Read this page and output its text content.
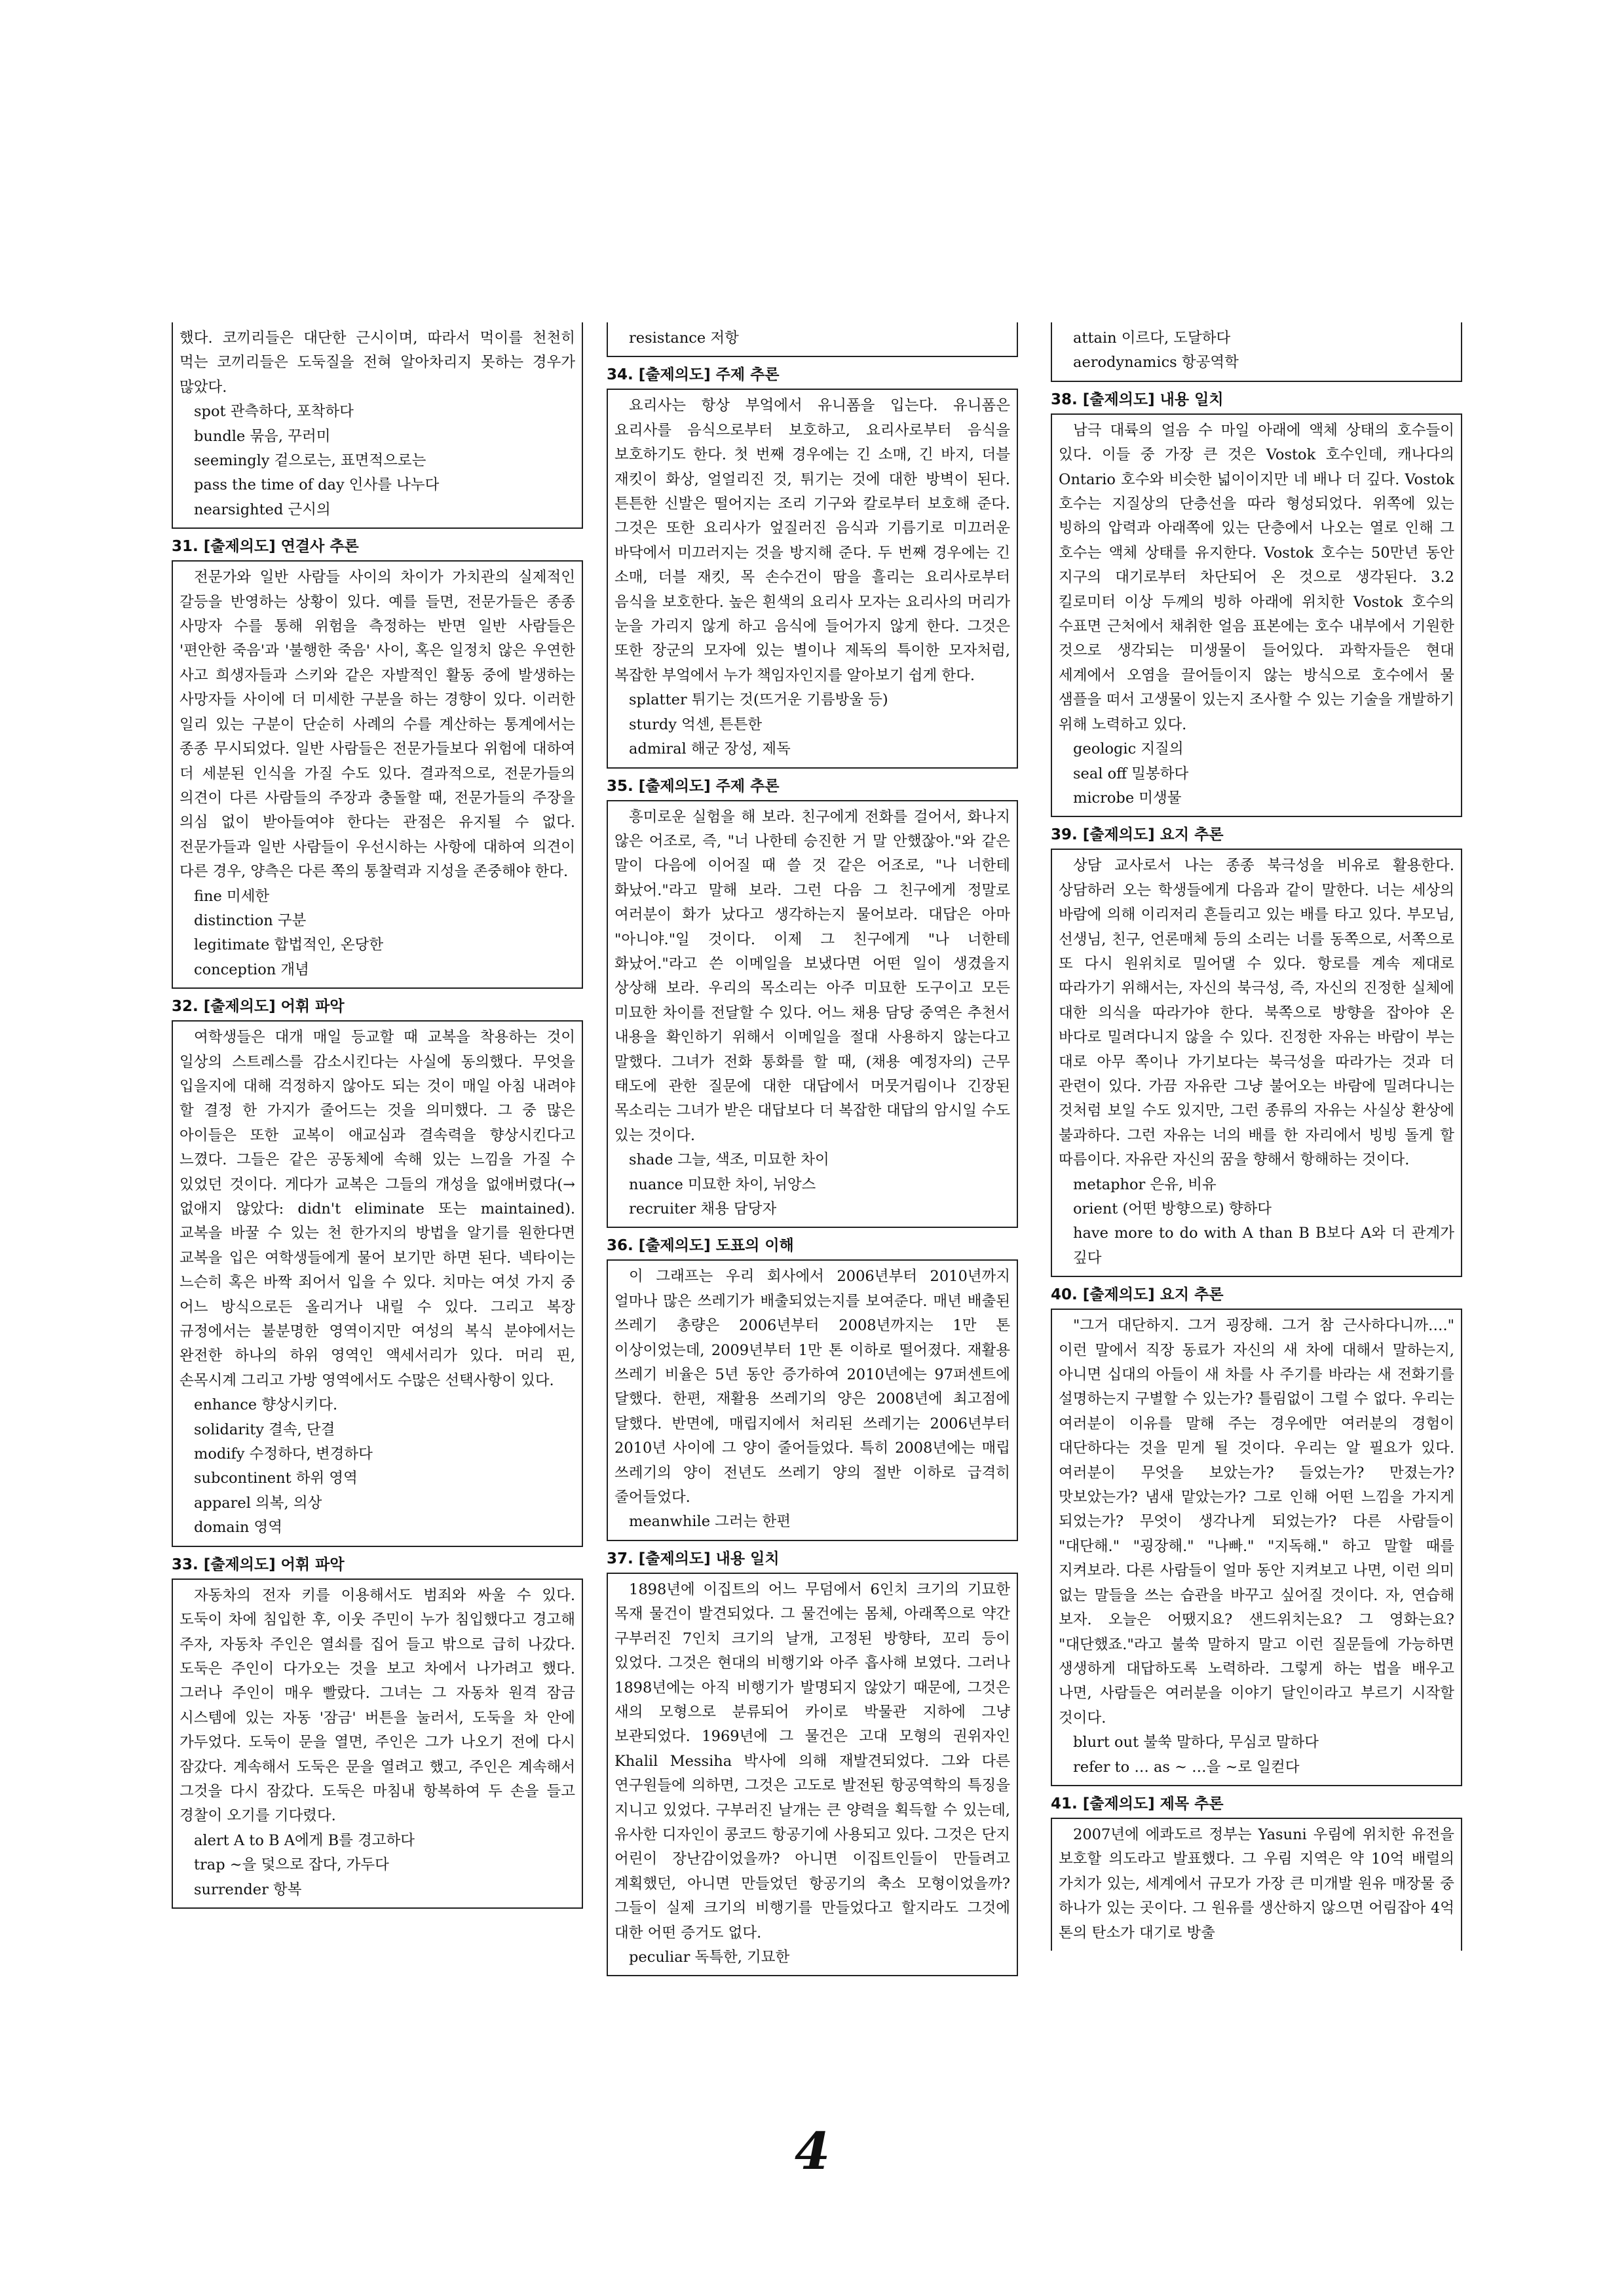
했다. 코끼리들은 대단한 근시이며, 따라서 먹이를 천천히 먹는 코끼리들은 도둑질을 전혀 알아차리지 못하는 경우가 많았다.

spot 관측하다, 포착하다
bundle 묶음, 꾸러미
seemingly 겉으로는, 표면적으로는
pass the time of day 인사를 나누다
nearsighted 근시의
31. [출제의도] 연결사 추론

전문가와 일반 사람들 사이의 차이가 가치관의 실제적인 갈등을 반영하는 상황이 있다. 예를 들면, 전문가들은 종종 사망자 수를 통해 위험을 측정하는 반면 일반 사람들은 '편안한 죽음'과 '불행한 죽음' 사이, 혹은 일정치 않은 우연한 사고 희생자들과 스키와 같은 자발적인 활동 중에 발생하는 사망자들 사이에 더 미세한 구분을 하는 경향이 있다. 이러한 일리 있는 구분이 단순히 사례의 수를 계산하는 통계에서는 종종 무시되었다. 일반 사람들은 전문가들보다 위험에 대하여 더 세분된 인식을 가질 수도 있다. 결과적으로, 전문가들의 의견이 다른 사람들의 주장과 충돌할 때, 전문가들의 주장을 의심 없이 받아들여야 한다는 관점은 유지될 수 없다. 전문가들과 일반 사람들이 우선시하는 사항에 대하여 의견이 다른 경우, 양측은 다른 쪽의 통찰력과 지성을 존중해야 한다.

fine 미세한
distinction 구분
legitimate 합법적인, 온당한
conception 개념
32. [출제의도] 어휘 파악

여학생들은 대개 매일 등교할 때 교복을 착용하는 것이 일상의 스트레스를 감소시킨다는 사실에 동의했다. 무엇을 입을지에 대해 걱정하지 않아도 되는 것이 매일 아침 내려야 할 결정 한 가지가 줄어드는 것을 의미했다. 그 중 많은 아이들은 또한 교복이 애교심과 결속력을 향상시킨다고 느꼈다. 그들은 같은 공동체에 속해 있는 느낌을 가질 수 있었던 것이다. 게다가 교복은 그들의 개성을 없애버렸다(→ 없애지 않았다: didn't eliminate 또는 maintained). 교복을 바꿀 수 있는 천 한가지의 방법을 알기를 원한다면 교복을 입은 여학생들에게 물어 보기만 하면 된다. 넥타이는 느슨히 혹은 바짝 죄어서 입을 수 있다. 치마는 여섯 가지 중 어느 방식으로든 올리거나 내릴 수 있다. 그리고 복장 규정에서는 불분명한 영역이지만 여성의 복식 분야에서는 완전한 하나의 하위 영역인 액세서리가 있다. 머리 핀, 손목시계 그리고 가방 영역에서도 수많은 선택사항이 있다.

enhance 향상시키다.
solidarity 결속, 단결
modify 수정하다, 변경하다
subcontinent 하위 영역
apparel 의복, 의상
domain 영역
33. [출제의도] 어휘 파악

자동차의 전자 키를 이용해서도 범죄와 싸울 수 있다. 도둑이 차에 침입한 후, 이웃 주민이 누가 침입했다고 경고해 주자, 자동차 주인은 열쇠를 집어 들고 밖으로 급히 나갔다. 도둑은 주인이 다가오는 것을 보고 차에서 나가려고 했다. 그러나 주인이 매우 빨랐다. 그녀는 그 자동차 원격 잠금 시스템에 있는 자동 '잠금' 버튼을 눌러서, 도둑을 차 안에 가두었다. 도둑이 문을 열면, 주인은 그가 나오기 전에 다시 잠갔다. 계속해서 도둑은 문을 열려고 했고, 주인은 계속해서 그것을 다시 잠갔다. 도둑은 마침내 항복하여 두 손을 들고 경찰이 오기를 기다렸다.

alert A to B A에게 B를 경고하다
trap ~을 덫으로 잡다, 가두다
surrender 항복
resistance 저항
34. [출제의도] 주제 추론

요리사는 항상 부엌에서 유니폼을 입는다. 유니폼은 요리사를 음식으로부터 보호하고, 요리사로부터 음식을 보호하기도 한다. 첫 번째 경우에는 긴 소매, 긴 바지, 더블 재킷이 화상, 얼얼리진 것, 튀기는 것에 대한 방벽이 된다. 튼튼한 신발은 떨어지는 조리 기구와 칼로부터 보호해 준다. 그것은 또한 요리사가 엎질러진 음식과 기름기로 미끄러운 바닥에서 미끄러지는 것을 방지해 준다. 두 번째 경우에는 긴 소매, 더블 재킷, 목 손수건이 땀을 흘리는 요리사로부터 음식을 보호한다. 높은 흰색의 요리사 모자는 요리사의 머리가 눈을 가리지 않게 하고 음식에 들어가지 않게 한다. 그것은 또한 장군의 모자에 있는 별이나 제독의 특이한 모자처럼, 복잡한 부엌에서 누가 책임자인지를 알아보기 쉽게 한다.

splatter 튀기는 것(뜨거운 기름방울 등)
sturdy 억센, 튼튼한
admiral 해군 장성, 제독
35. [출제의도] 주제 추론

흥미로운 실험을 해 보라. 친구에게 전화를 걸어서, 화나지 않은 어조로, 즉, "너 나한테 승진한 거 말 안했잖아."와 같은 말이 다음에 이어질 때 쓸 것 같은 어조로, "나 너한테 화났어."라고 말해 보라. 그런 다음 그 친구에게 정말로 여러분이 화가 났다고 생각하는지 물어보라. 대답은 아마 "아니야."일 것이다. 이제 그 친구에게 "나 너한테 화났어."라고 쓴 이메일을 보냈다면 어떤 일이 생겼을지 상상해 보라. 우리의 목소리는 아주 미묘한 도구이고 모든 미묘한 차이를 전달할 수 있다. 어느 채용 담당 중역은 추천서 내용을 확인하기 위해서 이메일을 절대 사용하지 않는다고 말했다. 그녀가 전화 통화를 할 때, (채용 예정자의) 근무 태도에 관한 질문에 대한 대답에서 머뭇거림이나 긴장된 목소리는 그녀가 받은 대답보다 더 복잡한 대답의 암시일 수도 있는 것이다.

shade 그늘, 색조, 미묘한 차이
nuance 미묘한 차이, 뉘앙스
recruiter 채용 담당자
36. [출제의도] 도표의 이해

이 그래프는 우리 회사에서 2006년부터 2010년까지 얼마나 많은 쓰레기가 배출되었는지를 보여준다. 매년 배출된 쓰레기 총량은 2006년부터 2008년까지는 1만 톤 이상이었는데, 2009년부터 1만 톤 이하로 떨어졌다. 재활용 쓰레기 비율은 5년 동안 증가하여 2010년에는 97퍼센트에 달했다. 한편, 재활용 쓰레기의 양은 2008년에 최고점에 달했다. 반면에, 매립지에서 처리된 쓰레기는 2006년부터 2010년 사이에 그 양이 줄어들었다. 특히 2008년에는 매립 쓰레기의 양이 전년도 쓰레기 양의 절반 이하로 급격히 줄어들었다.

meanwhile 그러는 한편
37. [출제의도] 내용 일치

1898년에 이집트의 어느 무덤에서 6인치 크기의 기묘한 목재 물건이 발견되었다. 그 물건에는 몸체, 아래쪽으로 약간 구부러진 7인치 크기의 날개, 고정된 방향타, 꼬리 등이 있었다. 그것은 현대의 비행기와 아주 흡사해 보였다. 그러나 1898년에는 아직 비행기가 발명되지 않았기 때문에, 그것은 새의 모형으로 분류되어 카이로 박물관 지하에 그냥 보관되었다. 1969년에 그 물건은 고대 모형의 권위자인 Khalil Messiha 박사에 의해 재발견되었다. 그와 다른 연구원들에 의하면, 그것은 고도로 발전된 항공역학의 특징을 지니고 있었다. 구부러진 날개는 큰 양력을 획득할 수 있는데, 유사한 디자인이 콩코드 항공기에 사용되고 있다. 그것은 단지 어린이 장난감이었을까? 아니면 이집트인들이 만들려고 계획했던, 아니면 만들었던 항공기의 축소 모형이었을까? 그들이 실제 크기의 비행기를 만들었다고 할지라도 그것에 대한 어떤 증거도 없다.

peculiar 독특한, 기묘한
attain 이르다, 도달하다
aerodynamics 항공역학
38. [출제의도] 내용 일치

남극 대륙의 얼음 수 마일 아래에 액체 상태의 호수들이 있다. 이들 중 가장 큰 것은 Vostok 호수인데, 캐나다의 Ontario 호수와 비슷한 넓이이지만 네 배나 더 깊다. Vostok 호수는 지질상의 단층선을 따라 형성되었다. 위쪽에 있는 빙하의 압력과 아래쪽에 있는 단층에서 나오는 열로 인해 그 호수는 액체 상태를 유지한다. Vostok 호수는 50만년 동안 지구의 대기로부터 차단되어 온 것으로 생각된다. 3.2 킬로미터 이상 두께의 빙하 아래에 위치한 Vostok 호수의 수표면 근처에서 채취한 얼음 표본에는 호수 내부에서 기원한 것으로 생각되는 미생물이 들어있다. 과학자들은 현대 세계에서 오염을 끌어들이지 않는 방식으로 호수에서 물 샘플을 떠서 고생물이 있는지 조사할 수 있는 기술을 개발하기 위해 노력하고 있다.

geologic 지질의
seal off 밀봉하다
microbe 미생물
39. [출제의도] 요지 추론

상담 교사로서 나는 종종 북극성을 비유로 활용한다. 상담하러 오는 학생들에게 다음과 같이 말한다. 너는 세상의 바람에 의해 이리저리 흔들리고 있는 배를 타고 있다. 부모님, 선생님, 친구, 언론매체 등의 소리는 너를 동쪽으로, 서쪽으로 또 다시 원위치로 밀어댈 수 있다. 항로를 계속 제대로 따라가기 위해서는, 자신의 북극성, 즉, 자신의 진정한 실체에 대한 의식을 따라가야 한다. 북쪽으로 방향을 잡아야 온 바다로 밀려다니지 않을 수 있다. 진정한 자유는 바람이 부는 대로 아무 쪽이나 가기보다는 북극성을 따라가는 것과 더 관련이 있다. 가끔 자유란 그냥 불어오는 바람에 밀려다니는 것처럼 보일 수도 있지만, 그런 종류의 자유는 사실상 환상에 불과하다. 그런 자유는 너의 배를 한 자리에서 빙빙 돌게 할 따름이다. 자유란 자신의 꿈을 향해서 항해하는 것이다.

metaphor 은유, 비유
orient (어떤 방향으로) 향하다
have more to do with A than B B보다 A와 더 관계가 깊다
40. [출제의도] 요지 추론

"그거 대단하지. 그거 굉장해. 그거 참 근사하다니까…." 이런 말에서 직장 동료가 자신의 새 차에 대해서 말하는지, 아니면 십대의 아들이 새 차를 사 주기를 바라는 새 전화기를 설명하는지 구별할 수 있는가? 틀림없이 그럴 수 없다. 우리는 여러분이 이유를 말해 주는 경우에만 여러분의 경험이 대단하다는 것을 믿게 될 것이다. 우리는 알 필요가 있다. 여러분이 무엇을 보았는가? 들었는가? 만졌는가? 맛보았는가? 냄새 맡았는가? 그로 인해 어떤 느낌을 가지게 되었는가? 무엇이 생각나게 되었는가? 다른 사람들이 "대단해." "굉장해." "나빠." "지독해." 하고 말할 때를 지켜보라. 다른 사람들이 얼마 동안 지켜보고 나면, 이런 의미 없는 말들을 쓰는 습관을 바꾸고 싶어질 것이다. 자, 연습해 보자. 오늘은 어땠지요? 샌드위치는요? 그 영화는요? "대단했죠."라고 불쑥 말하지 말고 이런 질문들에 가능하면 생생하게 대답하도록 노력하라. 그렇게 하는 법을 배우고 나면, 사람들은 여러분을 이야기 달인이라고 부르기 시작할 것이다.

blurt out 불쑥 말하다, 무심코 말하다
refer to … as ~ …을 ~로 일컫다
41. [출제의도] 제목 추론

2007년에 에콰도르 정부는 Yasuni 우림에 위치한 유전을 보호할 의도라고 발표했다. 그 우림 지역은 약 10억 배럴의 가치가 있는, 세계에서 규모가 가장 큰 미개발 원유 매장물 중 하나가 있는 곳이다. 그 원유를 생산하지 않으면 어림잡아 4억 톤의 탄소가 대기로 방출

4
